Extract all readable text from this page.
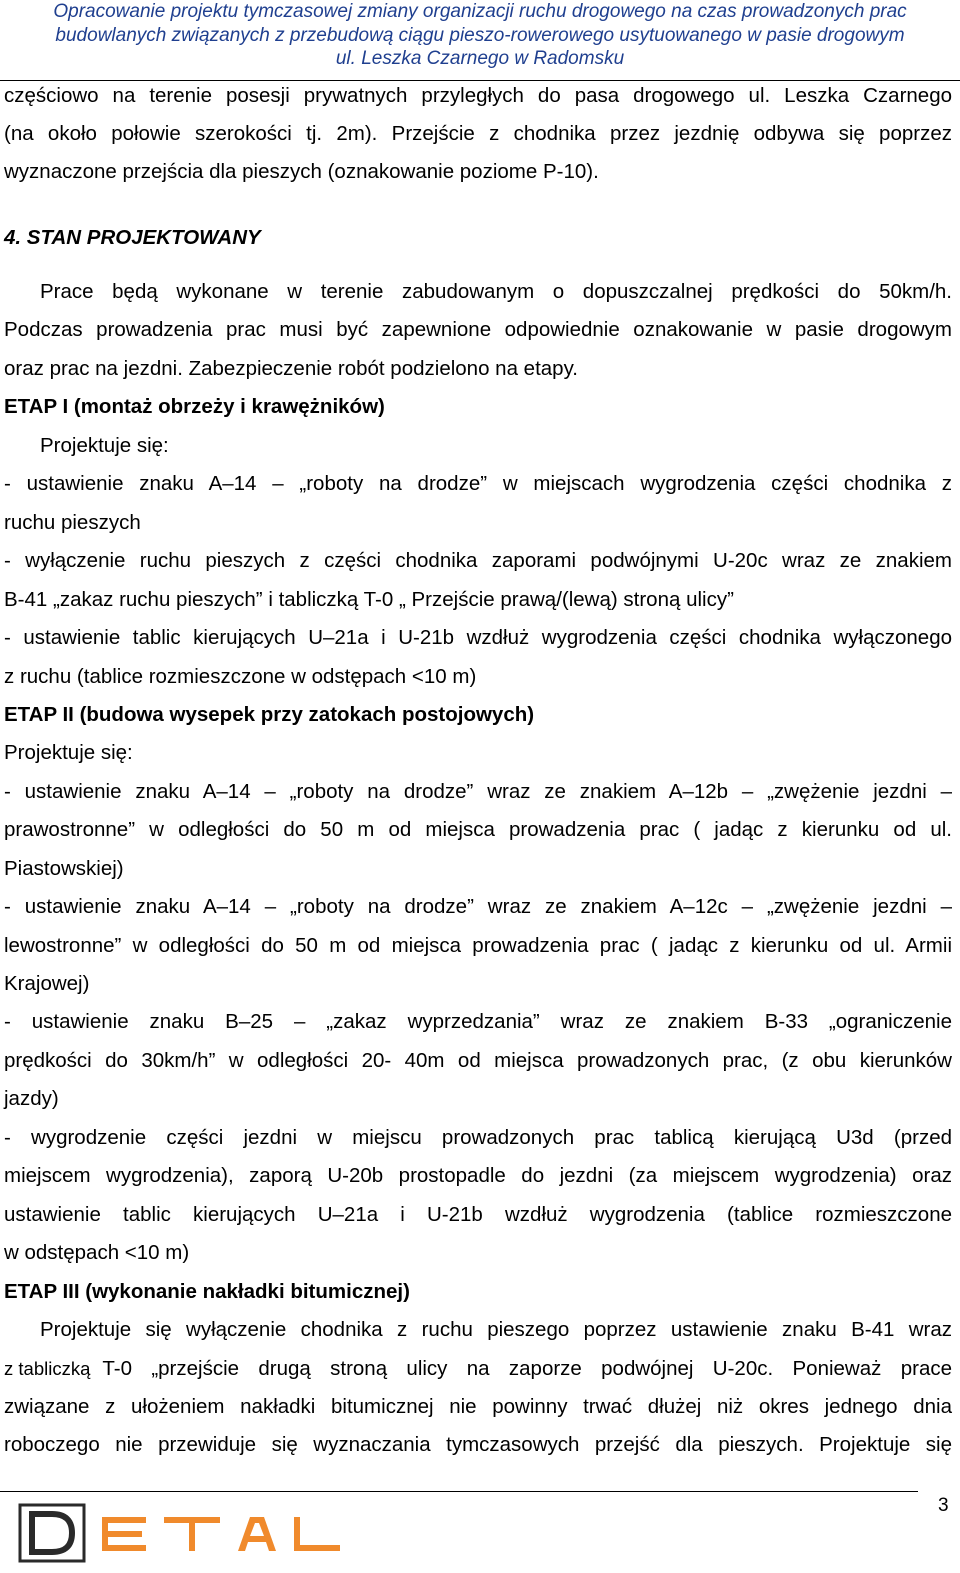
Opracowanie projektu tymczasowej zmiany organizacji ruchu drogowego na czas prowadzonych prac
budowlanych związanych z przebudową ciągu pieszo-rowerowego usytuowanego w pasie drogowym
ul. Leszka Czarnego w Radomsku
częściowo na terenie posesji prywatnych przyległych do pasa drogowego ul. Leszka Czarnego
(na około połowie szerokości tj. 2m). Przejście z chodnika przez jezdnię odbywa się poprzez
wyznaczone przejścia dla pieszych (oznakowanie poziome P-10).
4. STAN PROJEKTOWANY
Prace będą wykonane w terenie zabudowanym o dopuszczalnej prędkości do 50km/h.
Podczas prowadzenia prac musi być zapewnione odpowiednie oznakowanie w pasie drogowym
oraz prac na jezdni. Zabezpieczenie robót podzielono na etapy.
ETAP I (montaż obrzeży i krawężników)
Projektuje się:
- ustawienie znaku A–14 – „roboty na drodze” w miejscach wygrodzenia części chodnika z
ruchu pieszych
- wyłączenie ruchu pieszych z części chodnika zaporami podwójnymi U-20c wraz ze znakiem
B-41 „zakaz ruchu pieszych” i tabliczką T-0 „ Przejście prawą/(lewą) stroną ulicy”
- ustawienie tablic kierujących U–21a i U-21b wzdłuż wygrodzenia części chodnika wyłączonego
z ruchu (tablice rozmieszczone w odstępach <10 m)
ETAP II (budowa wysepek przy zatokach postojowych)
Projektuje się:
- ustawienie znaku A–14 – „roboty na drodze” wraz ze znakiem A–12b – „zwężenie jezdni –
prawostronne” w odległości do 50 m od miejsca prowadzenia prac ( jadąc z kierunku od ul.
Piastowskiej)
- ustawienie znaku A–14 – „roboty na drodze” wraz ze znakiem A–12c – „zwężenie jezdni –
lewostronne” w odległości do 50 m od miejsca prowadzenia prac ( jadąc z kierunku od ul. Armii
Krajowej)
- ustawienie znaku B–25 – „zakaz wyprzedzania” wraz ze znakiem B-33 „ograniczenie
prędkości do 30km/h” w odległości 20- 40m od miejsca prowadzonych prac, (z obu kierunków
jazdy)
- wygrodzenie części jezdni w miejscu prowadzonych prac tablicą kierującą U3d (przed
miejscem wygrodzenia), zaporą U-20b prostopadle do jezdni (za miejscem wygrodzenia) oraz
ustawienie tablic kierujących U–21a i U-21b wzdłuż wygrodzenia (tablice rozmieszczone
w odstępach <10 m)
ETAP III (wykonanie nakładki bitumicznej)
Projektuje się wyłączenie chodnika z ruchu pieszego poprzez ustawienie znaku B-41 wraz
z tabliczką T-0 „przejście drugą stroną ulicy na zaporze podwójnej U-20c. Ponieważ prace
związane z ułożeniem nakładki bitumicznej nie powinny trwać dłużej niż okres jednego dnia
roboczego nie przewiduje się wyznaczania tymczasowych przejść dla pieszych. Projektuje się
3
